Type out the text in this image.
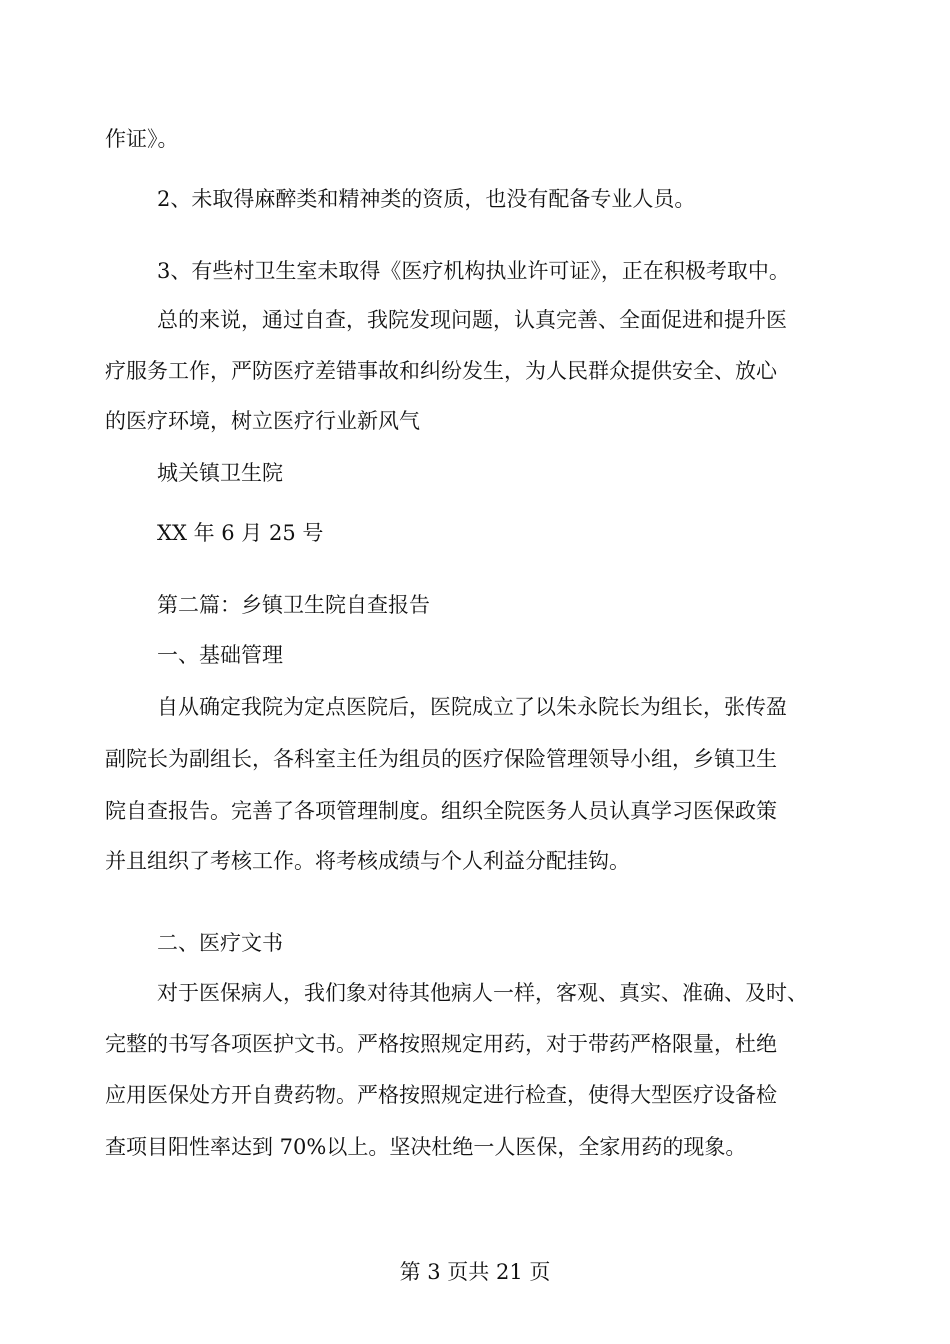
作证》。
2、未取得麻醉类和精神类的资质，也没有配备专业人员。
3、有些村卫生室未取得《医疗机构执业许可证》，正在积极考取中。
总的来说，通过自查，我院发现问题，认真完善、全面促进和提升医
疗服务工作，严防医疗差错事故和纠纷发生，为人民群众提供安全、放心
的医疗环境，树立医疗行业新风气
城关镇卫生院
XX 年 6 月 25 号
第二篇：乡镇卫生院自查报告
一、基础管理
自从确定我院为定点医院后，医院成立了以朱永院长为组长，张传盈
副院长为副组长，各科室主任为组员的医疗保险管理领导小组，乡镇卫生
院自查报告。完善了各项管理制度。组织全院医务人员认真学习医保政策
并且组织了考核工作。将考核成绩与个人利益分配挂钩。
二、医疗文书
对于医保病人，我们象对待其他病人一样，客观、真实、准确、及时、
完整的书写各项医护文书。严格按照规定用药，对于带药严格限量，杜绝
应用医保处方开自费药物。严格按照规定进行检查，使得大型医疗设备检
查项目阳性率达到 70%以上。坚决杜绝一人医保，全家用药的现象。
第 3 页共 21 页
